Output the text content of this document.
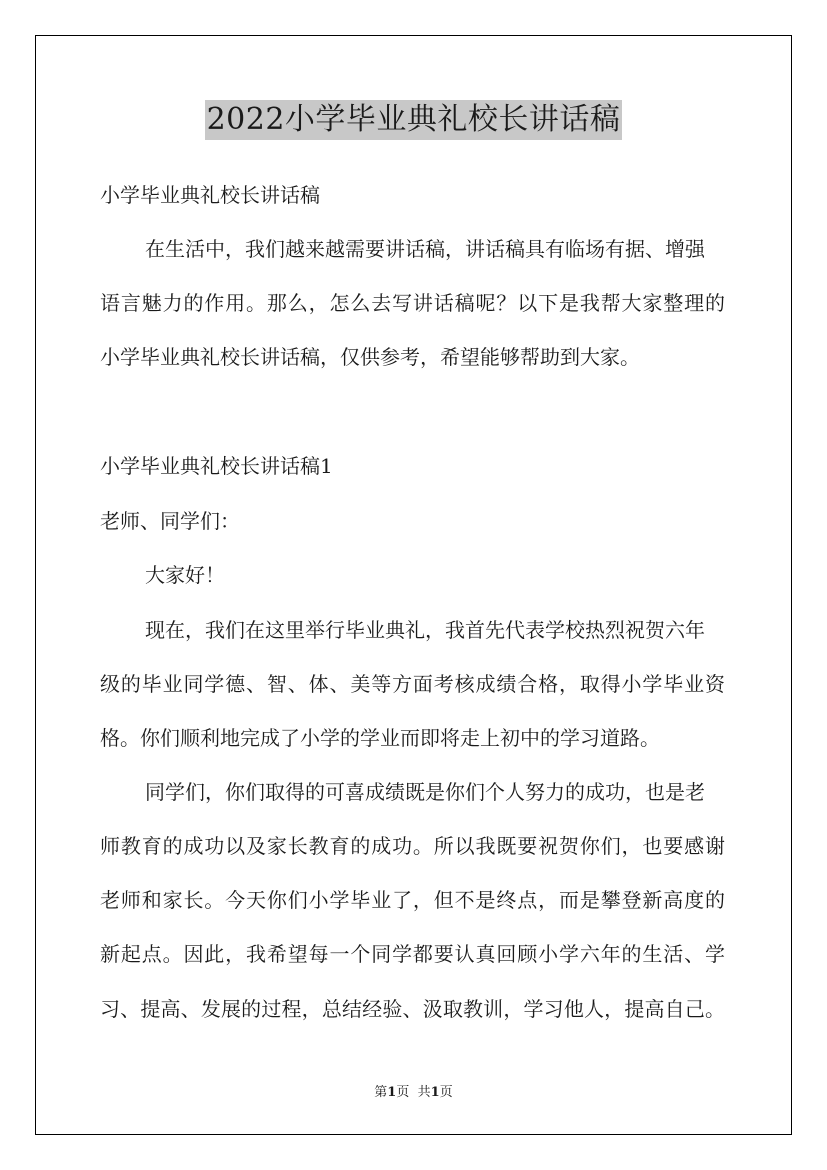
2022小学毕业典礼校长讲话稿
小学毕业典礼校长讲话稿
在生活中，我们越来越需要讲话稿，讲话稿具有临场有据、增强
语言魅力的作用。那么，怎么去写讲话稿呢？以下是我帮大家整理的
小学毕业典礼校长讲话稿，仅供参考，希望能够帮助到大家。
小学毕业典礼校长讲话稿1
老师、同学们：
大家好！
现在，我们在这里举行毕业典礼，我首先代表学校热烈祝贺六年
级的毕业同学德、智、体、美等方面考核成绩合格，取得小学毕业资
格。你们顺利地完成了小学的学业而即将走上初中的学习道路。
同学们，你们取得的可喜成绩既是你们个人努力的成功，也是老
师教育的成功以及家长教育的成功。所以我既要祝贺你们，也要感谢
老师和家长。今天你们小学毕业了，但不是终点，而是攀登新高度的
新起点。因此，我希望每一个同学都要认真回顾小学六年的生活、学
习、提高、发展的过程，总结经验、汲取教训，学习他人，提高自己。
第1页 共1页
